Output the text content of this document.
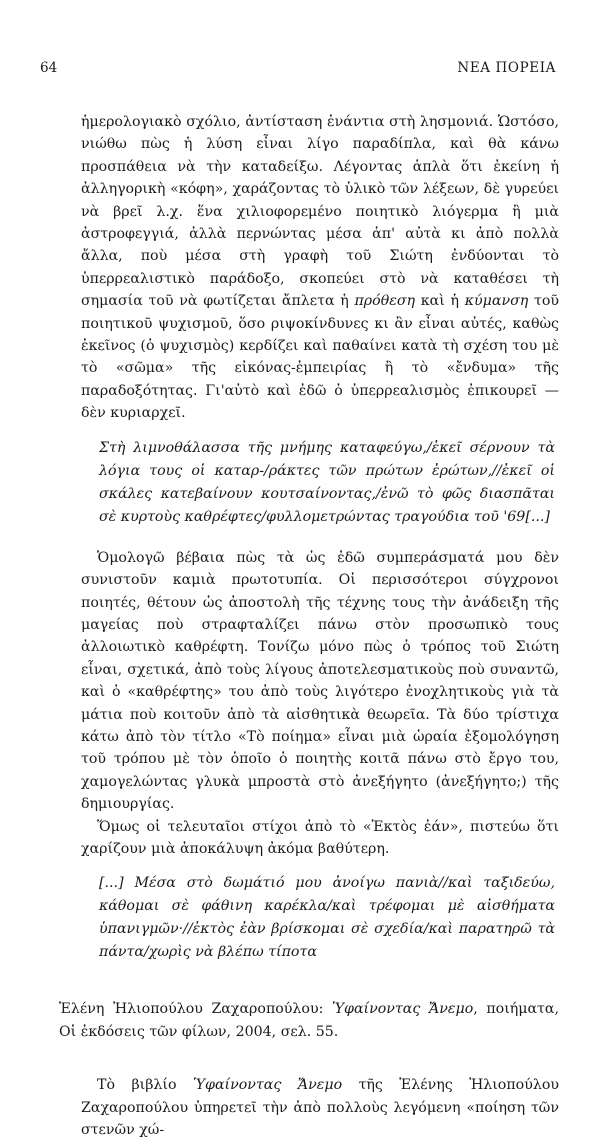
64	ΝΕΑ ΠΟΡΕΙΑ

ἡμερολογιακὸ σχόλιο, ἀντίσταση ἐνάντια στὴ λησμονιά. Ὡστόσο, νιώθω πὼς ἡ λύση εἶναι λίγο παραδίπλα, καὶ θὰ κάνω προσπάθεια νὰ τὴν καταδείξω. Λέγοντας ἁπλὰ ὅτι ἐκείνη ἡ ἀλληγορικὴ «κόφη», χαράζοντας τὸ ὑλικὸ τῶν λέξεων, δὲ γυρεύει νὰ βρεῖ λ.χ. ἕνα χιλιοφορεμένο ποιητικὸ λιόγερμα ἢ μιὰ ἀστροφεγγιά, ἀλλὰ περνώντας μέσα ἀπ' αὐτὰ κι ἀπὸ πολλὰ ἄλλα, ποὺ μέσα στὴ γραφὴ τοῦ Σιώτη ἐνδύονται τὸ ὑπερρεαλιστικὸ παράδοξο, σκοπεύει στὸ νὰ καταθέσει τὴ σημασία τοῦ νὰ φωτίζεται ἄπλετα ἡ πρόθεση καὶ ἡ κύμανση τοῦ ποιητικοῦ ψυχισμοῦ, ὅσο ριψοκίνδυνες κι ἂν εἶναι αὐτές, καθὼς ἐκεῖνος (ὁ ψυχισμὸς) κερδίζει καὶ παθαίνει κατὰ τὴ σχέση του μὲ τὸ «σῶμα» τῆς εἰκόνας-ἐμπειρίας ἢ τὸ «ἔνδυμα» τῆς παραδοξότητας. Γι'αὐτὸ καὶ ἐδῶ ὁ ὑπερρεαλισμὸς ἐπικουρεῖ —δὲν κυριαρχεῖ.

Στὴ λιμνοθάλασσα τῆς μνήμης καταφεύγω,/ἐκεῖ σέρνουν τὰ λόγια τους οἱ καταρ-/ράκτες τῶν πρώτων ἐρώτων,//ἐκεῖ οἱ σκάλες κατεβαίνουν κουτσαίνοντας,/ἐνῶ τὸ φῶς διασπᾶται σὲ κυρτοὺς καθρέφτες/φυλλομετρώντας τραγούδια τοῦ '69[...]

Ὁμολογῶ βέβαια πὼς τὰ ὡς ἐδῶ συμπεράσματά μου δὲν συνιστοῦν καμιὰ πρωτοτυπία. Οἱ περισσότεροι σύγχρονοι ποιητές, θέτουν ὡς ἀποστολὴ τῆς τέχνης τους τὴν ἀνάδειξη τῆς μαγείας ποὺ στραφταλίζει πάνω στὸν προσωπικὸ τους ἀλλοιωτικὸ καθρέφτη. Τονίζω μόνο πὼς ὁ τρόπος τοῦ Σιώτη εἶναι, σχετικά, ἀπὸ τοὺς λίγους ἀποτελεσματικοὺς ποὺ συναντῶ, καὶ ὁ «καθρέφτης» του ἀπὸ τοὺς λιγότερο ἐνοχλητικοὺς γιὰ τὰ μάτια ποὺ κοιτοῦν ἀπὸ τὰ αἰσθητικὰ θεωρεῖα. Τὰ δύο τρίστιχα κάτω ἀπὸ τὸν τίτλο «Τὸ ποίημα» εἶναι μιὰ ὡραία ἐξομολόγηση τοῦ τρόπου μὲ τὸν ὁποῖο ὁ ποιητὴς κοιτᾶ πάνω στὸ ἔργο του, χαμογελώντας γλυκὰ μπροστὰ στὸ ἀνεξήγητο (ἀνεξήγητο;) τῆς δημιουργίας.

Ὅμως οἱ τελευταῖοι στίχοι ἀπὸ τὸ «Ἐκτὸς ἐάν», πιστεύω ὅτι χαρίζουν μιὰ ἀποκάλυψη ἀκόμα βαθύτερη.

[...] Μέσα στὸ δωμάτιό μου ἀνοίγω πανιὰ//καὶ ταξιδεύω, κάθομαι σὲ φάθινη καρέκλα/καὶ τρέφομαι μὲ αἰσθήματα ὑπανιγμῶν·//ἐκτὸς ἐὰν βρίσκομαι σὲ σχεδία/καὶ παρατηρῶ τὰ πάντα/χωρὶς νὰ βλέπω τίποτα

Ἑλένη Ἠλιοπούλου Ζαχαροπούλου: Ὑφαίνοντας Ἄνεμο, ποιήματα, Οἱ ἐκδόσεις τῶν φίλων, 2004, σελ. 55.

Τὸ βιβλίο Ὑφαίνοντας Ἄνεμο τῆς Ἑλένης Ἠλιοπούλου Ζαχαροπούλου ὑπηρετεῖ τὴν ἀπὸ πολλοὺς λεγόμενη «ποίηση τῶν στενῶν χώ-
